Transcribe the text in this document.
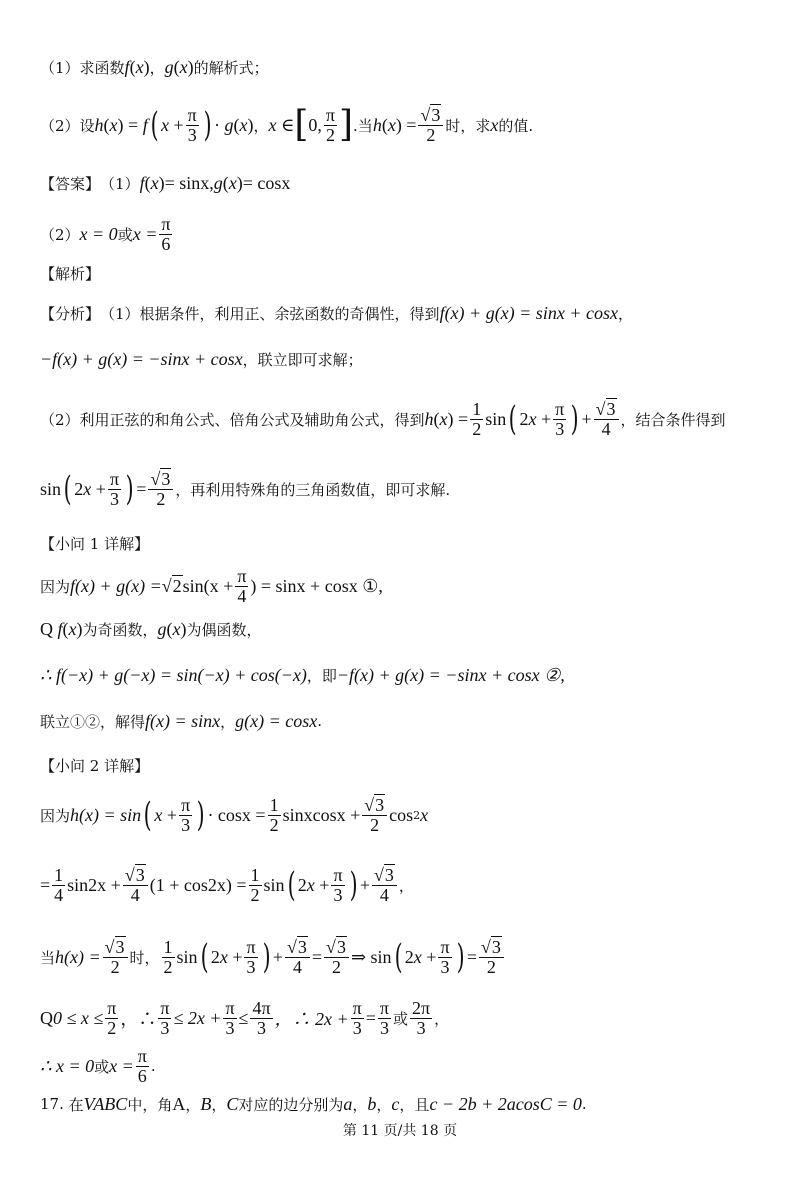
（1）求函数 f (x) ， g (x) 的解析式；
（2）设 h(x) = f ( $x + \frac{\pi}{3}$ ) · g(x) ， x ∈ [ 0, $\frac{\pi}{2}$ ] .当 h(x) = √ $\frac{3}{2}$ 时，求 x 的值.
【答案】 （1） f (x) = sinx, g (x) = cosx
（2） x = 0 或 $x = \frac{\pi}{6}$
【解析】
【分析】 （1）根据条件，利用正、余弦函数的奇偶性，得到 f(x) + g(x) = sinx + cosx ，
−f(x) + g(x) = −sinx + cosx ，联立即可求解；
（2）利用正弦的和角公式、倍角公式及辅助角公式，得到 $h(x) = \frac{1}{2}$ sin ( $2x + \frac{\pi}{3}$ ) + √ $\frac{3}{4}$ ，结合条件得到
sin ( $2x + \frac{\pi}{3}$ ) = √ $\frac{3}{2}$ ，再利用特殊角的三角函数值，即可求解.
【小问 1 详解】
因为 f(x) + g(x) = √ 2 $\sin(x + \frac{\pi}{4}$ ) = sinx + cosx ①,
Q f(x) 为奇函数， g(x) 为偶函数，
∴ f(−x) + g(−x) = sin(−x) + cos(−x) ，即 −f(x) + g(x) = −sinx + cosx ②,
联立①②，解得 f(x) = sinx ， g(x) = cosx .
【小问 2 详解】
因为 h(x) = sin ( $x + \frac{\pi}{3}$ ) · $\cos x = \frac{1}{2}$ sinxcosx + √ $\frac{3}{2}$ cos 2 x
= $\frac{1}{4} \sin 2x$ + √ $\frac{3}{4} (1 + \cos 2x) = \frac{1}{2}$ sin ( $2x + \frac{\pi}{3}$ ) + √ $\frac{3}{4}$ ，
当 h(x) = √ $\frac{3}{2}$ 时， $\frac{1}{2}$ sin ( $2x + \frac{\pi}{3}$ ) + √ $\frac{3}{4}$ = √ $\frac{3}{2}$ ⇒ sin ( $2x + \frac{\pi}{3}$ ) = √ $\frac{3}{2}$
Q $0 \le x \le \frac{\pi}{2}$ ，∴ $\frac{\pi}{3} \le 2x + \frac{\pi}{3} \le \frac{4\pi}{3}$ ，∴ $2x + \frac{\pi}{3} = \frac{\pi}{3}$ 或 $\frac{2\pi}{3}$ ，
∴ x = 0 或 $x = \frac{\pi}{6}$ .
17.
在 VABC 中，角 A ， B ， C 对应的边分别为 a ， b ， c ，且 c − 2b + 2acosC = 0 .
第 11 页/共 18 页
